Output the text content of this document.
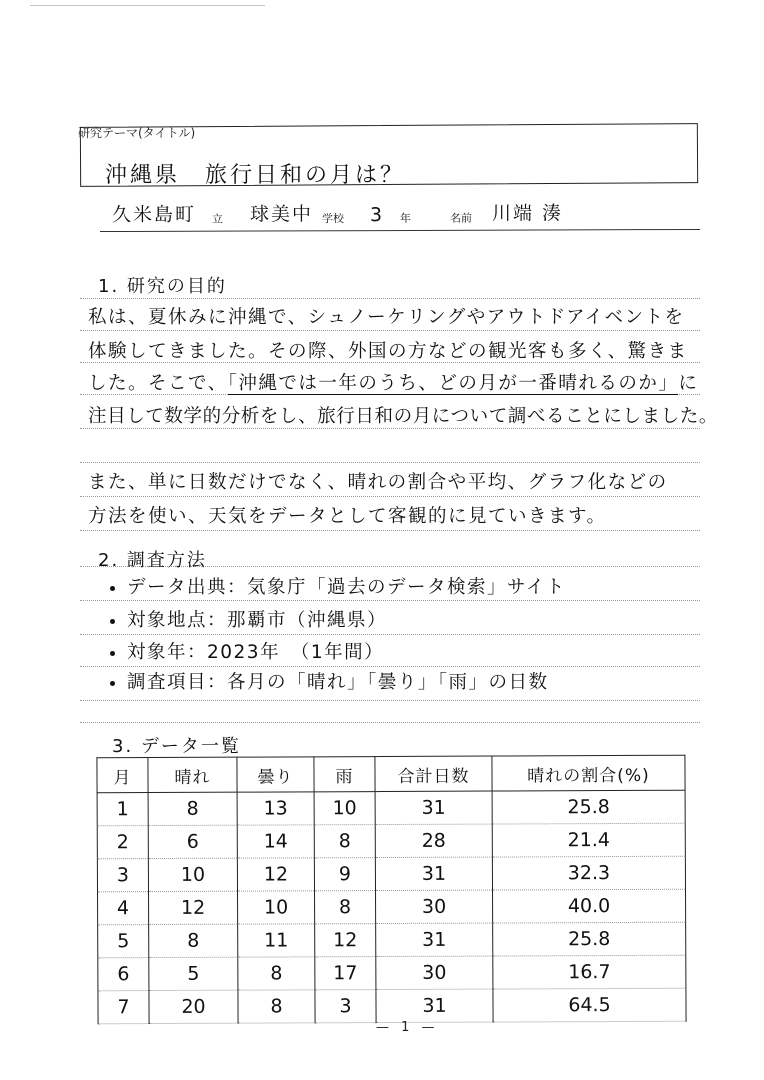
研究テーマ(タイトル)
沖縄県　旅行日和の月は？
久米島町 立 球美中 学校 3 年	名前 川端 湊
1. 研究の目的
私は、夏休みに沖縄で、シュノーケリングやアウトドアイベントを
体験してきました。その際、外国の方などの観光客も多く、驚きま
した。そこで、「沖縄では一年のうち、どの月が一番晴れるのか」に
注目して数学的分析をし、旅行日和の月について調べることにしました。
また、単に日数だけでなく、晴れの割合や平均、グラフ化などの
方法を使い、天気をデータとして客観的に見ていきます。
2. 調査方法
データ出典：気象庁「過去のデータ検索」サイト
対象地点：那覇市（沖縄県）
対象年：2023年　（1年間）
調査項目：各月の「晴れ」「曇り」「雨」の日数
3. データ一覧
月	晴れ	曇り	雨	合計日数	晴れの割合(%)
1	8	13	10	31	25.8
2	6	14	8	28	21.4
3	10	12	9	31	32.3
4	12	10	8	30	40.0
5	8	11	12	31	25.8
6	5	8	17	30	16.7
7	20	8	3	31	64.5
— 1 —
